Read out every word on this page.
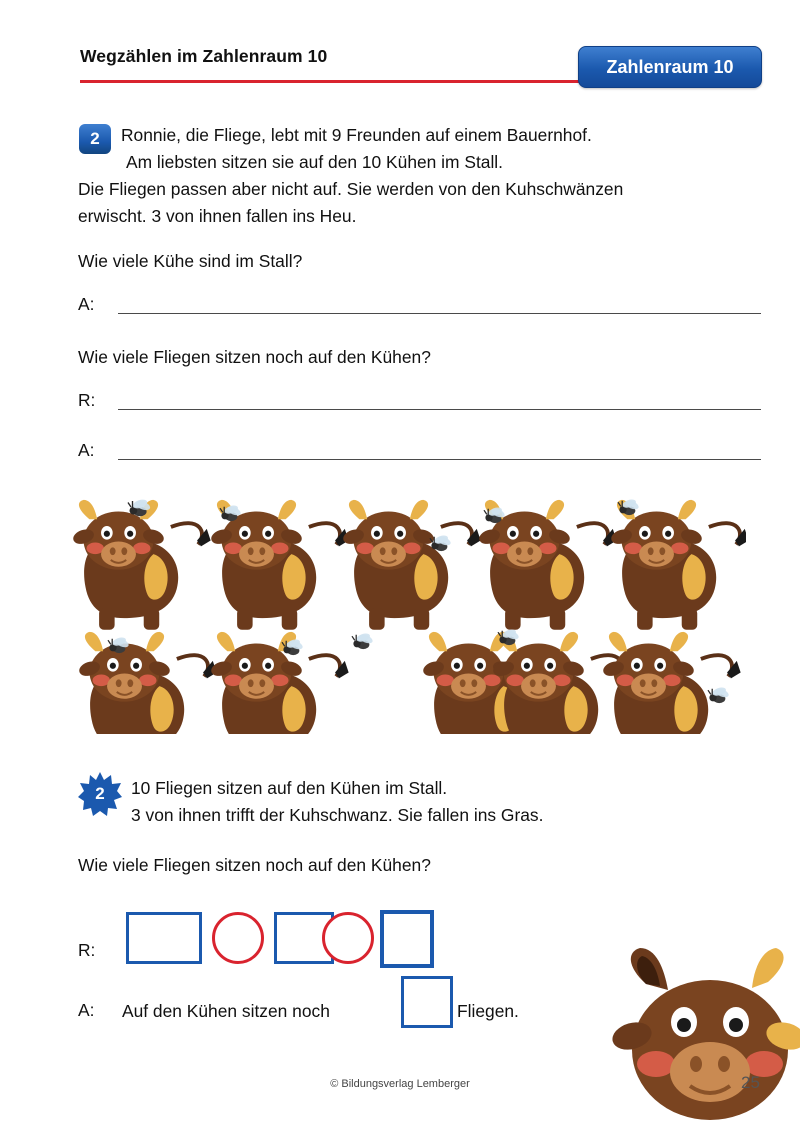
Wegzählen im Zahlenraum 10
Zahlenraum 10
2	Ronnie, die Fliege, lebt mit 9 Freunden auf einem Bauernhof.
Am liebsten sitzen sie auf den 10 Kühen im Stall.
Die Fliegen passen aber nicht auf. Sie werden von den Kuhschwänzen
erwischt. 3 von ihnen fallen ins Heu.
Wie viele Kühe sind im Stall?
A:
Wie viele Fliegen sitzen noch auf den Kühen?
R:
A:
2	10 Fliegen sitzen auf den Kühen im Stall.
3 von ihnen trifft der Kuhschwanz. Sie fallen ins Gras.
Wie viele Fliegen sitzen noch auf den Kühen?
R:
A: Auf den Kühen sitzen noch	Fliegen.
© Bildungsverlag Lemberger	25
